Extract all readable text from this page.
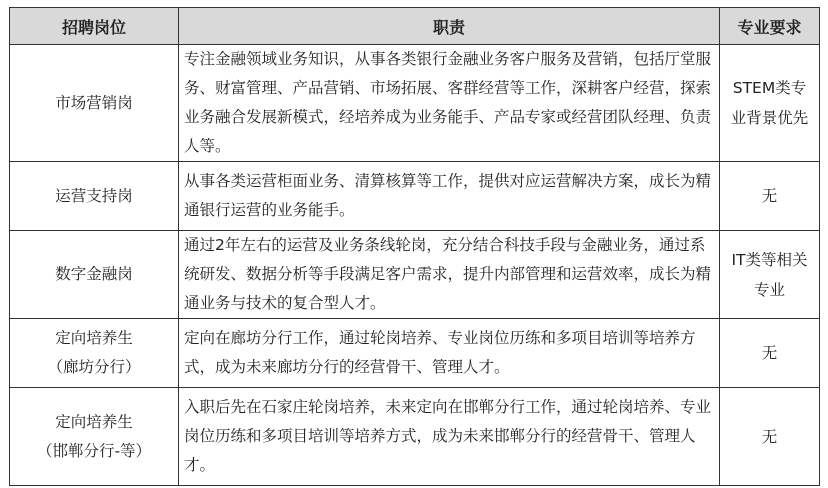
招聘岗位	职责	专业要求

市场营销岗	专注金融领域业务知识，从事各类银行金融业务客户服务及营销，包括厅堂服务、财富管理、产品营销、市场拓展、客群经营等工作，深耕客户经营，探索业务融合发展新模式，经培养成为业务能手、产品专家或经营团队经理、负责人等。	STEM类专
业背景优先

运营支持岗	从事各类运营柜面业务、清算核算等工作，提供对应运营解决方案，成长为精通银行运营的业务能手。	无

数字金融岗	通过2年左右的运营及业务条线轮岗，充分结合科技手段与金融业务，通过系统研发、数据分析等手段满足客户需求，提升内部管理和运营效率，成长为精通业务与技术的复合型人才。	IT类等相关
专业

定向培养生
（廊坊分行）	定向在廊坊分行工作，通过轮岗培养、专业岗位历练和多项目培训等培养方式，成为未来廊坊分行的经营骨干、管理人才。	无

定向培养生
（邯郸分行-等）	入职后先在石家庄轮岗培养，未来定向在邯郸分行工作，通过轮岗培养、专业岗位历练和多项目培训等培养方式，成为未来邯郸分行的经营骨干、管理人才。	无
